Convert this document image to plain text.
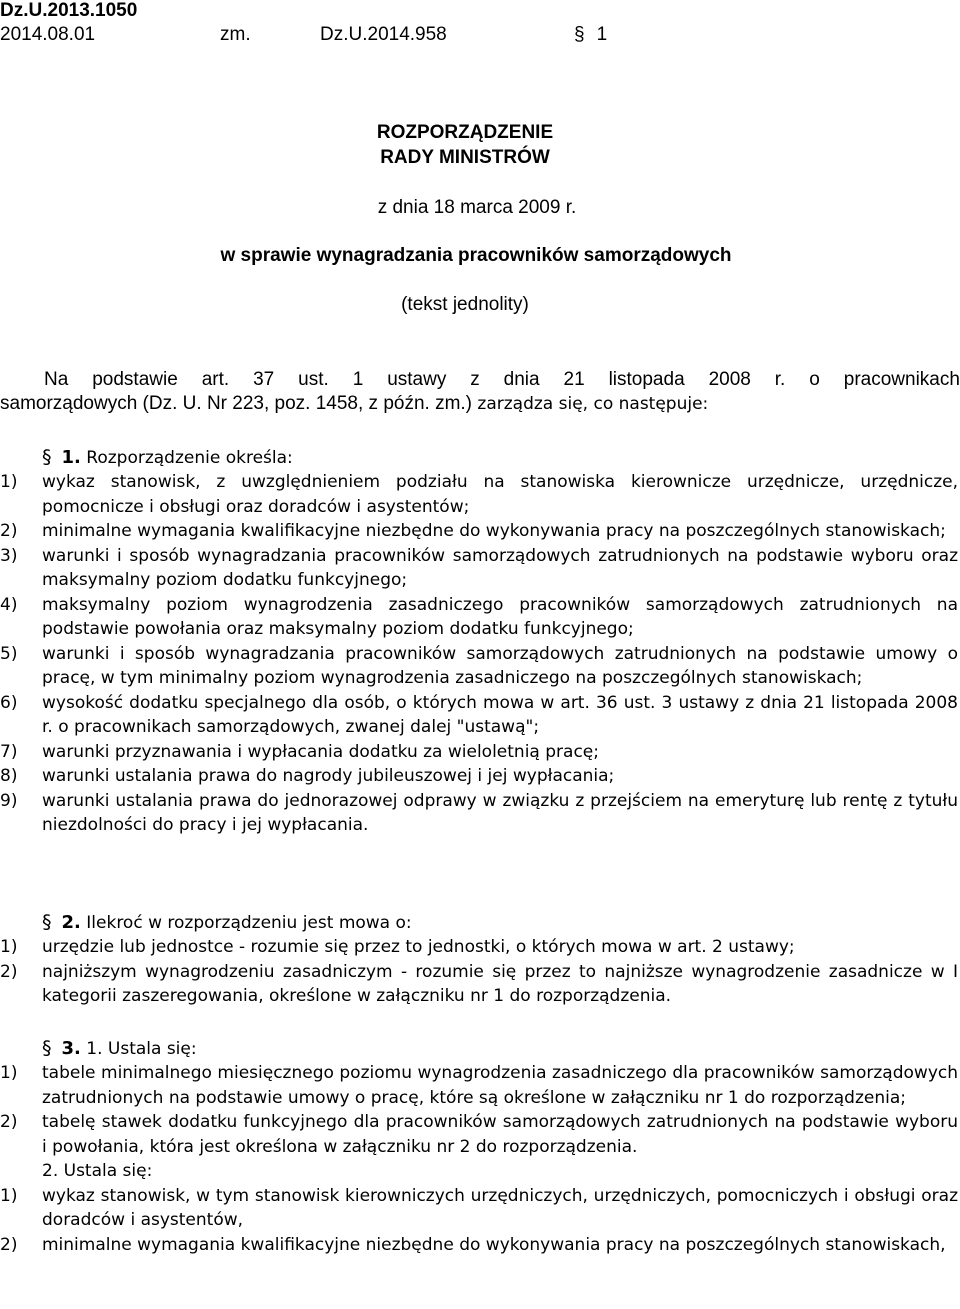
Dz.U.2013.1050
2014.08.01	zm.	Dz.U.2014.958	§ 1
ROZPORZĄDZENIE
RADY MINISTRÓW
z dnia 18 marca 2009 r.
w sprawie wynagradzania pracowników samorządowych
(tekst jednolity)
Na podstawie art. 37 ust. 1 ustawy z dnia 21 listopada 2008 r. o pracownikach
samorządowych (Dz. U. Nr 223, poz. 1458, z późn. zm.) zarządza się, co następuje:
§ 1. Rozporządzenie określa:
1) wykaz stanowisk, z uwzględnieniem podziału na stanowiska kierownicze urzędnicze, urzędnicze, pomocnicze i obsługi oraz doradców i asystentów;
2) minimalne wymagania kwalifikacyjne niezbędne do wykonywania pracy na poszczególnych stanowiskach;
3) warunki i sposób wynagradzania pracowników samorządowych zatrudnionych na podstawie wyboru oraz maksymalny poziom dodatku funkcyjnego;
4) maksymalny poziom wynagrodzenia zasadniczego pracowników samorządowych zatrudnionych na podstawie powołania oraz maksymalny poziom dodatku funkcyjnego;
5) warunki i sposób wynagradzania pracowników samorządowych zatrudnionych na podstawie umowy o pracę, w tym minimalny poziom wynagrodzenia zasadniczego na poszczególnych stanowiskach;
6) wysokość dodatku specjalnego dla osób, o których mowa w art. 36 ust. 3 ustawy z dnia 21 listopada 2008 r. o pracownikach samorządowych, zwanej dalej "ustawą";
7) warunki przyznawania i wypłacania dodatku za wieloletnią pracę;
8) warunki ustalania prawa do nagrody jubileuszowej i jej wypłacania;
9) warunki ustalania prawa do jednorazowej odprawy w związku z przejściem na emeryturę lub rentę z tytułu niezdolności do pracy i jej wypłacania.
§ 2. Ilekroć w rozporządzeniu jest mowa o:
1) urzędzie lub jednostce - rozumie się przez to jednostki, o których mowa w art. 2 ustawy;
2) najniższym wynagrodzeniu zasadniczym - rozumie się przez to najniższe wynagrodzenie zasadnicze w I kategorii zaszeregowania, określone w załączniku nr 1 do rozporządzenia.
§ 3. 1. Ustala się:
1) tabele minimalnego miesięcznego poziomu wynagrodzenia zasadniczego dla pracowników samorządowych zatrudnionych na podstawie umowy o pracę, które są określone w załączniku nr 1 do rozporządzenia;
2) tabelę stawek dodatku funkcyjnego dla pracowników samorządowych zatrudnionych na podstawie wyboru i powołania, która jest określona w załączniku nr 2 do rozporządzenia.
2. Ustala się:
1) wykaz stanowisk, w tym stanowisk kierowniczych urzędniczych, urzędniczych, pomocniczych i obsługi oraz doradców i asystentów,
2) minimalne wymagania kwalifikacyjne niezbędne do wykonywania pracy na poszczególnych stanowiskach,
